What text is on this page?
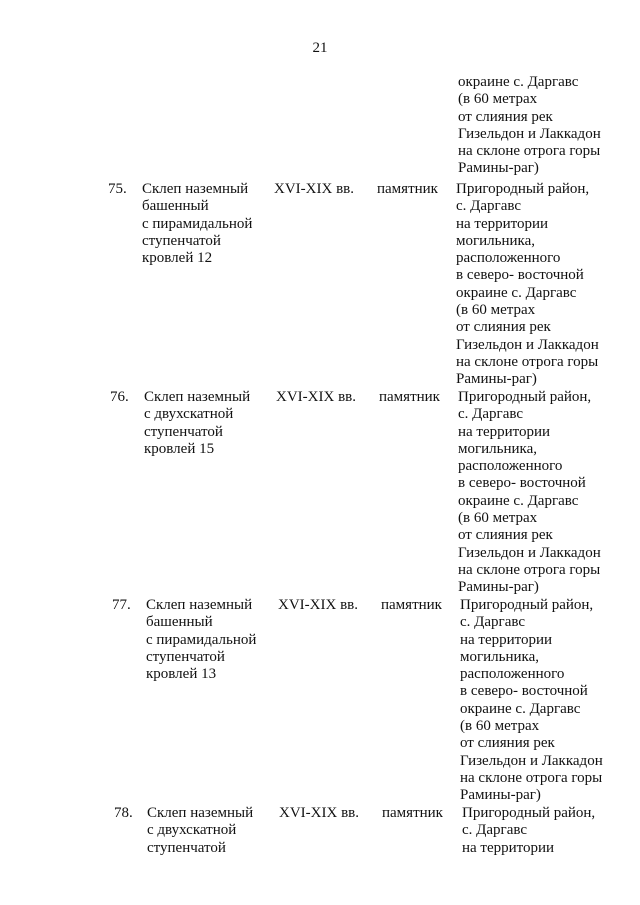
21
окраине с. Даргавс
(в 60 метрах
от слияния рек
Гизельдон и Лаккадон
на склоне отрога горы
Рамины-раг)
75.	Склеп наземный
башенный
с пирамидальной
ступенчатой
кровлей 12
XVI-XIX вв.	памятник	Пригородный район,
с. Даргавс
на территории
могильника,
расположенного
в северо- восточной
окраине с. Даргавс
(в 60 метрах
от слияния рек
Гизельдон и Лаккадон
на склоне отрога горы
Рамины-раг)
76.	Склеп наземный
с двухскатной
ступенчатой
кровлей 15
XVI-XIX вв.	памятник	Пригородный район,
с. Даргавс
на территории
могильника,
расположенного
в северо- восточной
окраине с. Даргавс
(в 60 метрах
от слияния рек
Гизельдон и Лаккадон
на склоне отрога горы
Рамины-раг)
77.	Склеп наземный
башенный
с пирамидальной
ступенчатой
кровлей 13
XVI-XIX вв.	памятник	Пригородный район,
с. Даргавс
на территории
могильника,
расположенного
в северо- восточной
окраине с. Даргавс
(в 60 метрах
от слияния рек
Гизельдон и Лаккадон
на склоне отрога горы
Рамины-раг)
78. Склеп наземный
с двухскатной
ступенчатой
XVI-XIX вв.	памятник	Пригородный район,
с. Даргавс
на территории
